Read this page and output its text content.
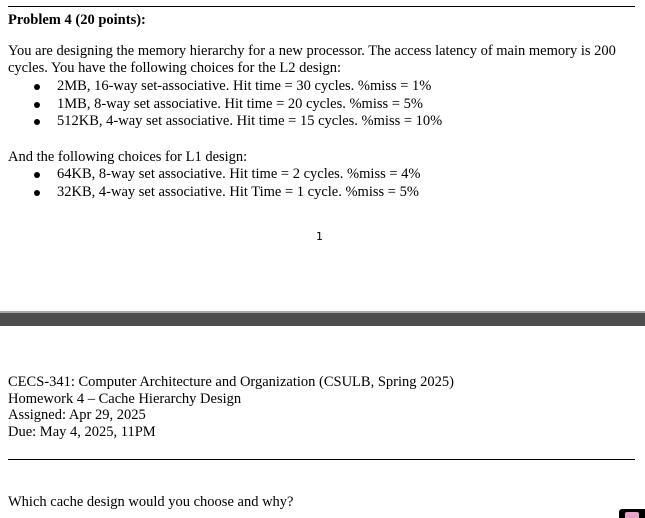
Problem 4 (20 points):
You are designing the memory hierarchy for a new processor. The access latency of main memory is 200
cycles. You have the following choices for the L2 design:
2MB, 16-way set-associative. Hit time = 30 cycles. %miss = 1%
1MB, 8-way set associative. Hit time = 20 cycles. %miss = 5%
512KB, 4-way set associative. Hit time = 15 cycles. %miss = 10%
And the following choices for L1 design:
64KB, 8-way set associative. Hit time = 2 cycles. %miss = 4%
32KB, 4-way set associative. Hit Time = 1 cycle. %miss = 5%
1
CECS-341: Computer Architecture and Organization (CSULB, Spring 2025)
Homework 4 – Cache Hierarchy Design
Assigned: Apr 29, 2025
Due: May 4, 2025, 11PM
Which cache design would you choose and why?
